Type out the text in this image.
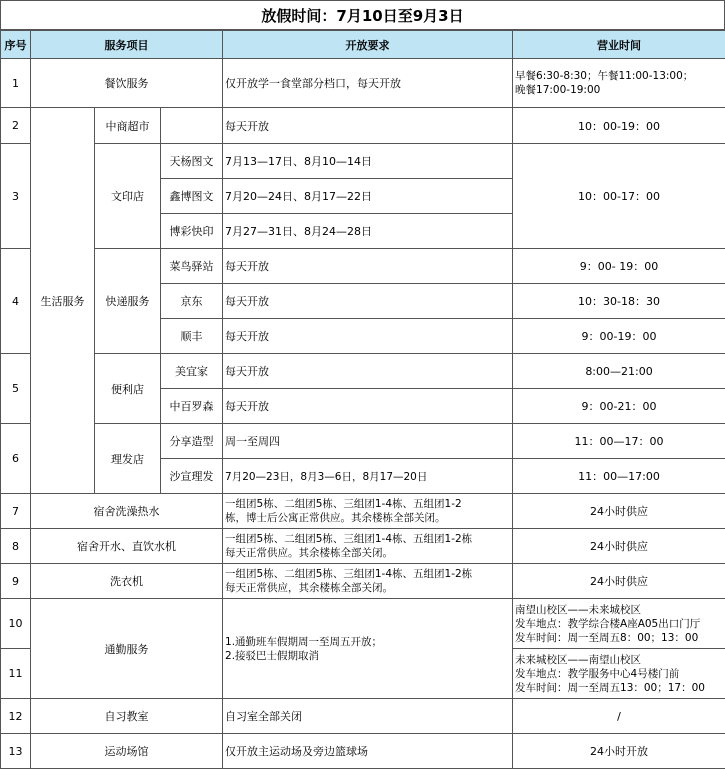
放假时间：7月10日至9月3日
序号	服务项目			开放要求	营业时间
1	餐饮服务			仅开放学一食堂部分档口，每天开放	早餐6:30-8:30；午餐11:00-13:00；
晚餐17:00-19:00
2	生活服务	中商超市		每天开放	10：00-19：00
3		文印店	天杨图文	7月13—17日、8月10—14日	10：00-17：00
			鑫博图文	7月20—24日、8月17—22日	
			博彩快印	7月27—31日、8月24—28日	
4		快递服务	菜鸟驿站	每天开放	9：00- 19：00
			京东	每天开放	10：30-18：30
			顺丰	每天开放	9：00-19：00
5		便利店	美宜家	每天开放	8:00—21:00
			中百罗森	每天开放	9：00-21：00
6		理发店	分享造型	周一至周四	11：00—17：00
			沙宣理发	7月20—23日，8月3—6日，8月17—20日	11：00—17:00
7	宿舍洗澡热水			一组团5栋、二组团5栋、三组团1-4栋、五组团1-2
栋，博士后公寓正常供应。其余楼栋全部关闭。	24小时供应
8	宿舍开水、直饮水机			一组团5栋、二组团5栋、三组团1-4栋、五组团1-2栋
每天正常供应。其余楼栋全部关闭。	24小时供应
9	洗衣机			一组团5栋、二组团5栋、三组团1-4栋、五组团1-2栋
每天正常供应，其余楼栋全部关闭。	24小时供应
10	通勤服务			1.通勤班车假期周一至周五开放；
2.接驳巴士假期取消	南望山校区——未来城校区
发车地点：教学综合楼A座A05出口门厅
发车时间：周一至周五8：00；13：00
11					未来城校区——南望山校区
发车地点：教学服务中心4号楼门前
发车时间：周一至周五13：00；17：00
12	自习教室			自习室全部关闭	/
13	运动场馆			仅开放主运动场及旁边篮球场	24小时开放
